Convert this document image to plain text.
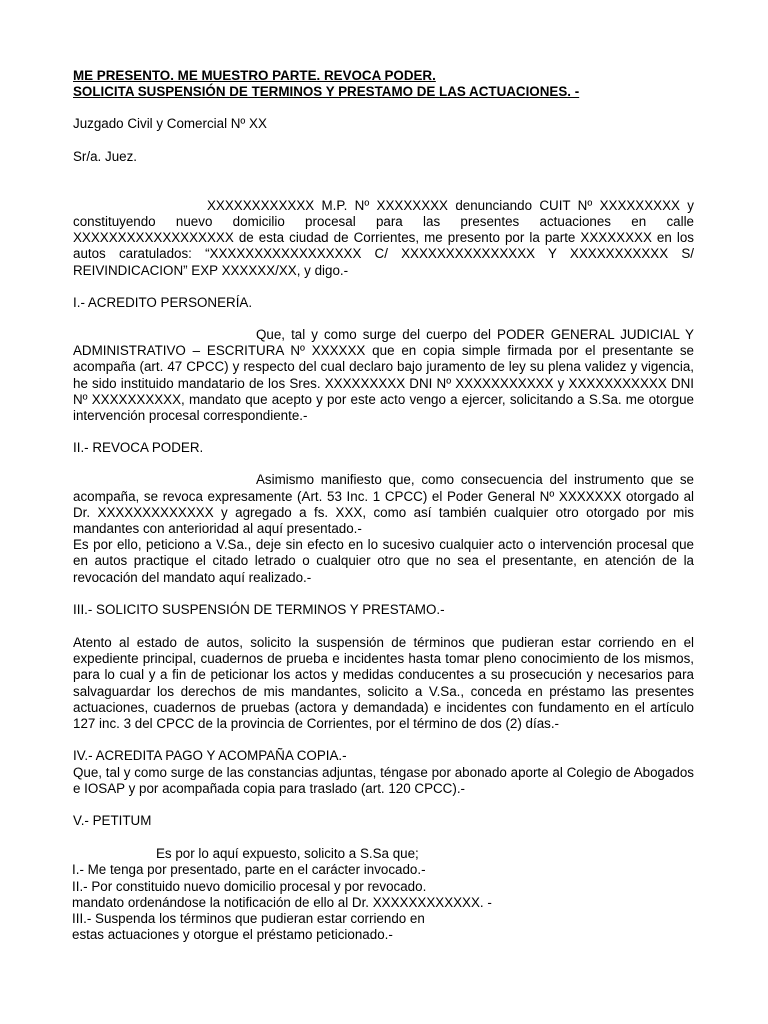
ME PRESENTO. ME MUESTRO PARTE. REVOCA PODER.

SOLICITA SUSPENSIÓN DE TERMINOS Y PRESTAMO DE LAS ACTUACIONES. -

Juzgado Civil y Comercial Nº XX

Sr/a. Juez.

XXXXXXXXXXXX M.P. Nº XXXXXXXX denunciando CUIT Nº XXXXXXXXX y constituyendo nuevo domicilio procesal para las presentes actuaciones en calle XXXXXXXXXXXXXXXXXX de esta ciudad de Corrientes, me presento por la parte XXXXXXXX en los autos caratulados: “XXXXXXXXXXXXXXXXX C/ XXXXXXXXXXXXXXX Y XXXXXXXXXXX S/ REIVINDICACION” EXP XXXXXX/XX, y digo.-

I.- ACREDITO PERSONERÍA.

Que, tal y como surge del cuerpo del PODER GENERAL JUDICIAL Y ADMINISTRATIVO – ESCRITURA Nº XXXXXX que en copia simple firmada por el presentante se acompaña (art. 47 CPCC) y respecto del cual declaro bajo juramento de ley su plena validez y vigencia, he sido instituido mandatario de los Sres. XXXXXXXXX DNI Nº XXXXXXXXXXX y XXXXXXXXXXX DNI Nº XXXXXXXXXX, mandato que acepto y por este acto vengo a ejercer, solicitando a S.Sa. me otorgue intervención procesal correspondiente.-

II.- REVOCA PODER.

Asimismo manifiesto que, como consecuencia del instrumento que se acompaña, se revoca expresamente (Art. 53 Inc. 1 CPCC) el Poder General Nº XXXXXXX otorgado al Dr. XXXXXXXXXXXXX y agregado a fs. XXX, como así también cualquier otro otorgado por mis mandantes con anterioridad al aquí presentado.-

Es por ello, peticiono a V.Sa., deje sin efecto en lo sucesivo cualquier acto o intervención procesal que en autos practique el citado letrado o cualquier otro que no sea el presentante, en atención de la revocación del mandato aquí realizado.-

III.- SOLICITO SUSPENSIÓN DE TERMINOS Y PRESTAMO.-

Atento al estado de autos, solicito la suspensión de términos que pudieran estar corriendo en el expediente principal, cuadernos de prueba e incidentes hasta tomar pleno conocimiento de los mismos, para lo cual y a fin de peticionar los actos y medidas conducentes a su prosecución y necesarios para salvaguardar los derechos de mis mandantes, solicito a V.Sa., conceda en préstamo las presentes actuaciones, cuadernos de pruebas (actora y demandada) e incidentes con fundamento en el artículo 127 inc. 3 del CPCC de la provincia de Corrientes, por el término de dos (2) días.-

IV.- ACREDITA PAGO Y ACOMPAÑA COPIA.-

Que, tal y como surge de las constancias adjuntas, téngase por abonado aporte al Colegio de Abogados e IOSAP y por acompañada copia para traslado (art. 120 CPCC).-

V.- PETITUM

Es por lo aquí expuesto, solicito a S.Sa que;

I.- Me tenga por presentado, parte en el carácter invocado.-

II.- Por constituido nuevo domicilio procesal y por revocado.

mandato ordenándose la notificación de ello al Dr. XXXXXXXXXXXX. -

III.- Suspenda los términos que pudieran estar corriendo en

estas actuaciones y otorgue el préstamo peticionado.-
